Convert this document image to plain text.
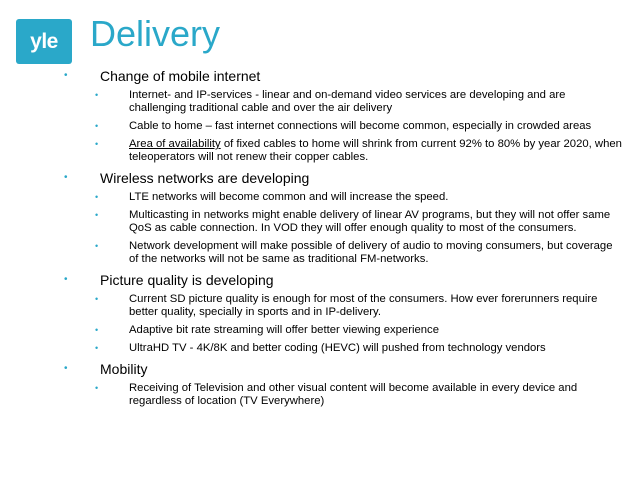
yle Delivery
• Change of mobile internet
•	Internet- and IP-services - linear and on-demand video services are developing and are challenging traditional cable and over the air delivery
•	Cable to home – fast internet connections will become common, especially in crowded areas
•	Area of availability of fixed cables to home will shrink from current 92% to 80% by year 2020, when teleoperators will not renew their copper cables.
• Wireless networks are developing
•	LTE networks will become common and will increase the speed.
•	Multicasting in networks might enable delivery of linear AV programs, but they will not offer same QoS as cable connection. In VOD they will offer enough quality to most of the consumers.
•	Network development will make possible of delivery of audio to moving consumers, but coverage of the networks will not be same as traditional FM-networks.
• Picture quality is developing
•	Current SD picture quality is enough for most of the consumers. How ever forerunners require better quality, specially in sports and in IP-delivery.
•	Adaptive bit rate streaming will offer better viewing experience
•	UltraHD TV - 4K/8K and better coding (HEVC) will pushed from technology vendors
• Mobility
•	Receiving of Television and other visual content will become available in every device and regardless of location (TV Everywhere)
